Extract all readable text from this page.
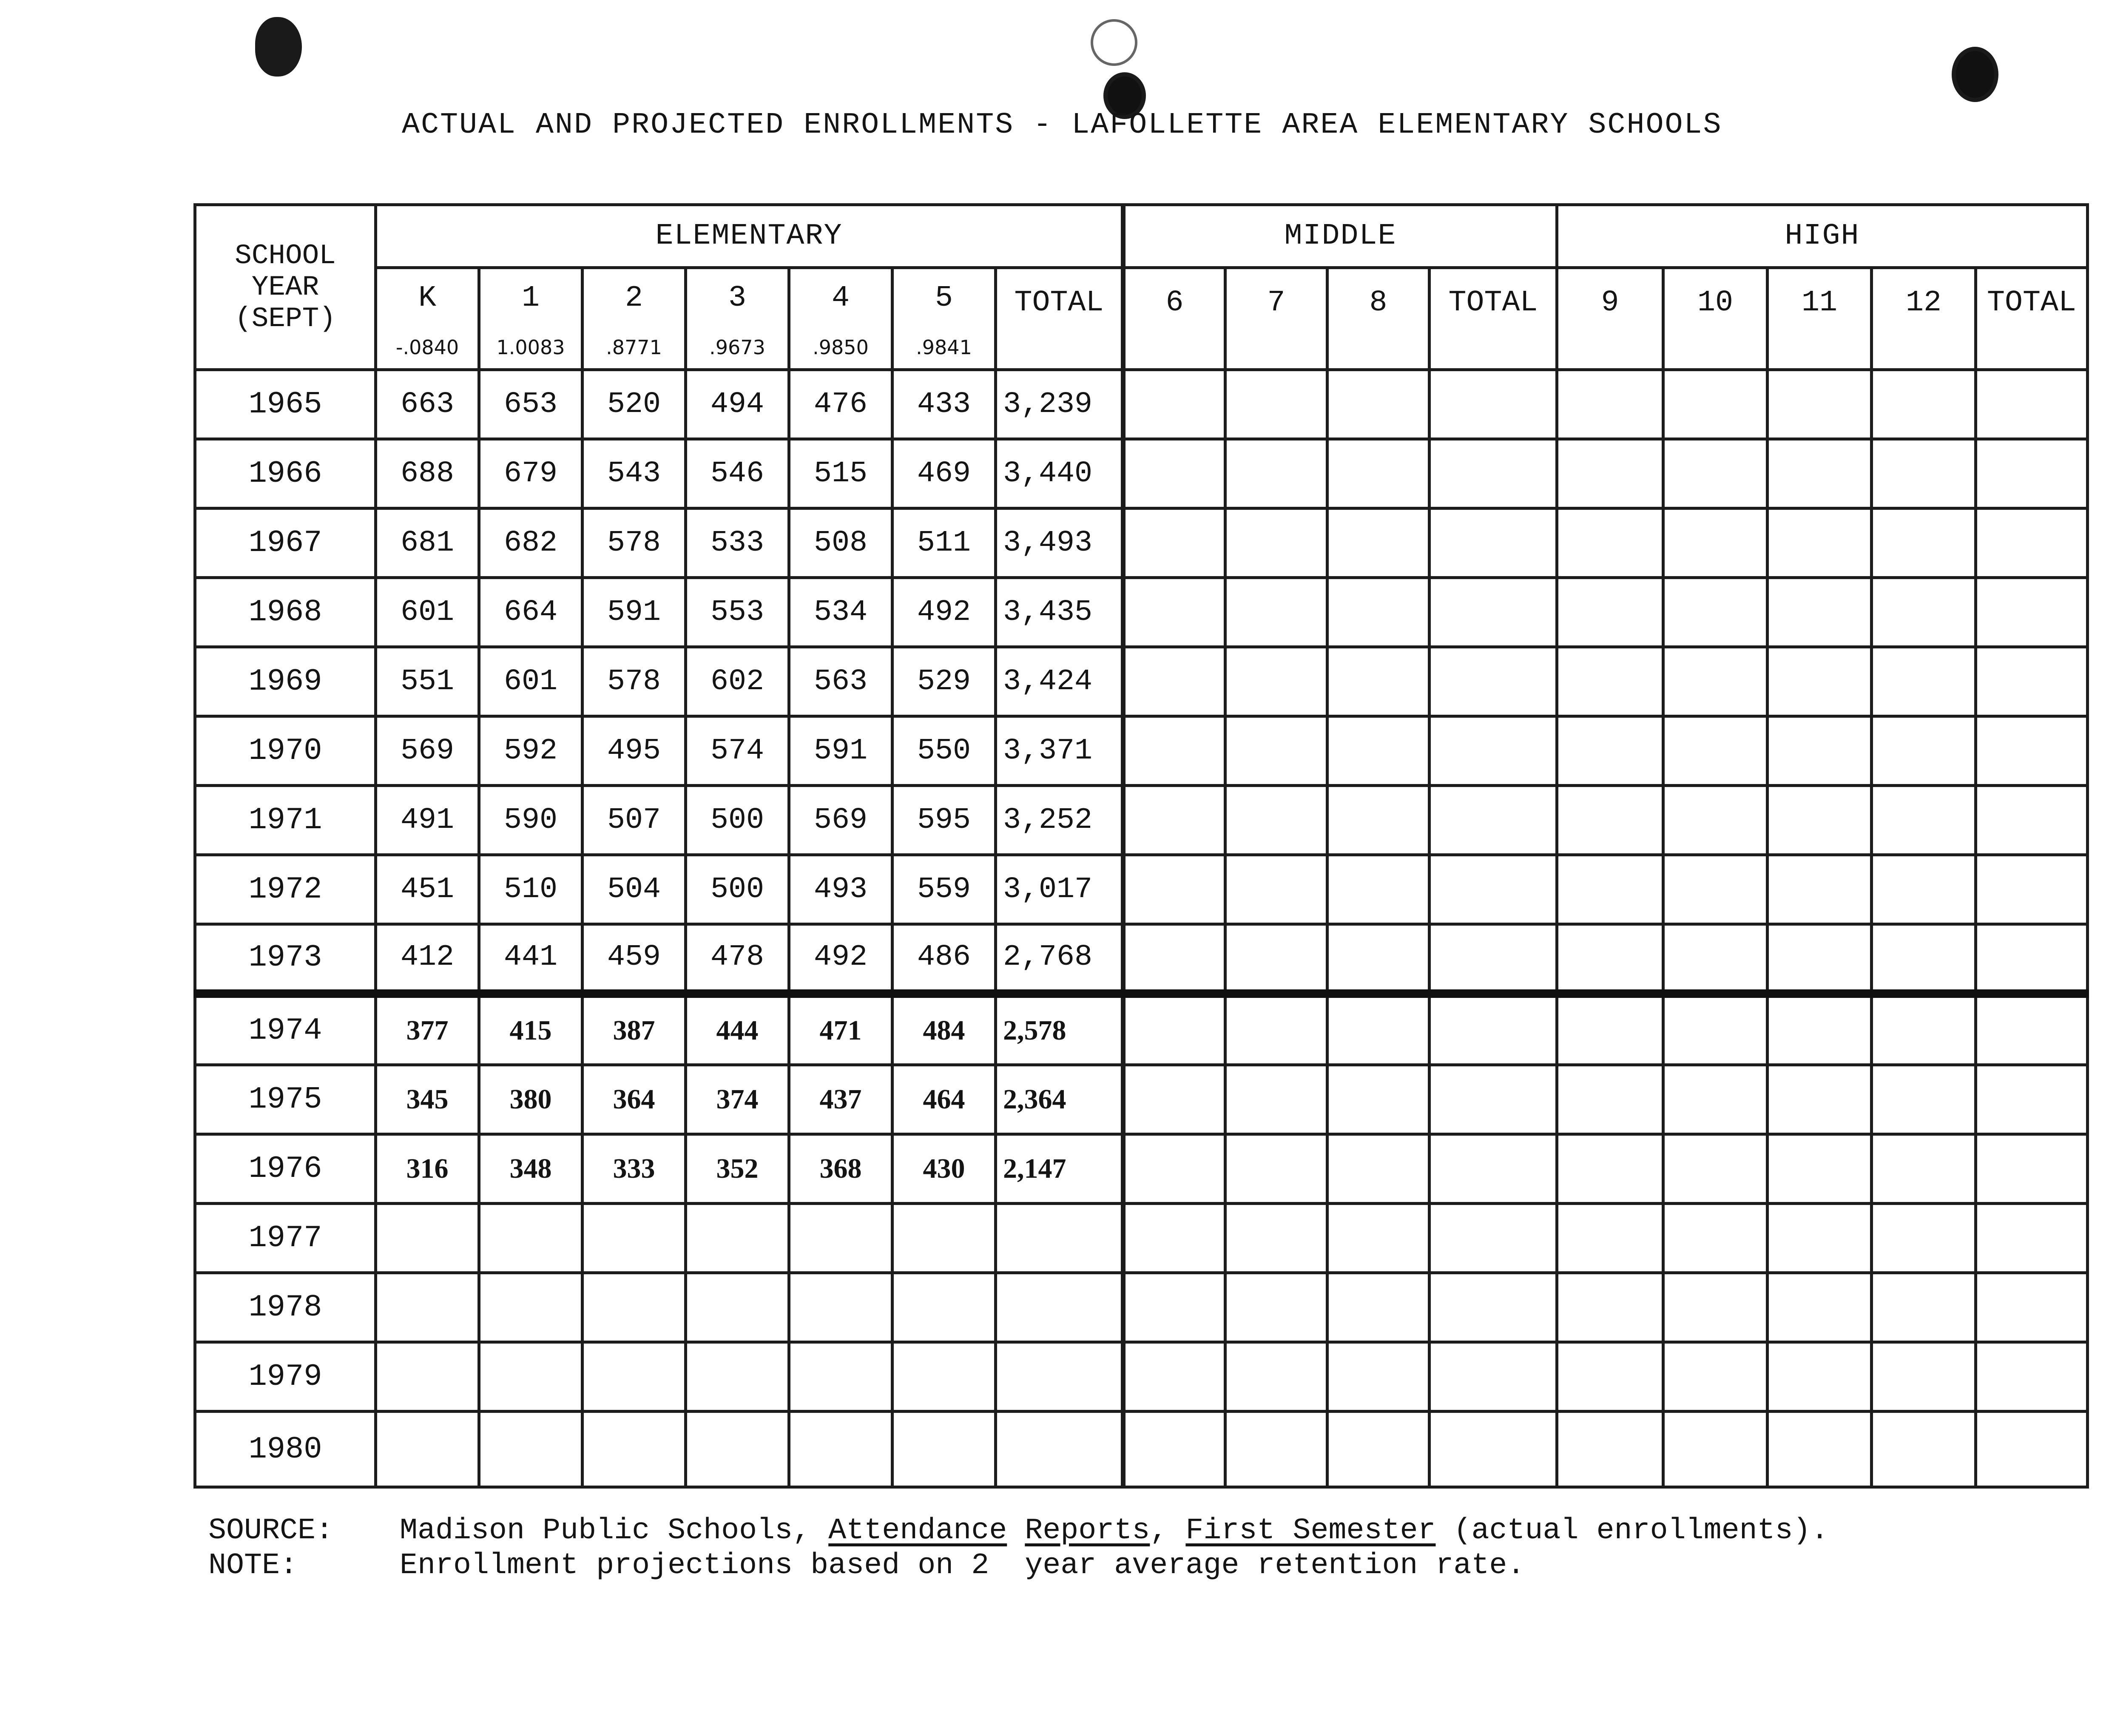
ACTUAL AND PROJECTED ENROLLMENTS - LAFOLLETTE AREA ELEMENTARY SCHOOLS
SCHOOL
YEAR
(SEPT)	ELEMENTARY							MIDDLE				HIGH				
	K	1	2	3	4	5	TOTAL	6	7	8	TOTAL	9	10	11	12	TOTAL
	-.0840	1.0083	.8771	.9673	.9850	.9841										
1965	663	653	520	494	476	433	3,239									
1966	688	679	543	546	515	469	3,440									
1967	681	682	578	533	508	511	3,493									
1968	601	664	591	553	534	492	3,435									
1969	551	601	578	602	563	529	3,424									
1970	569	592	495	574	591	550	3,371									
1971	491	590	507	500	569	595	3,252									
1972	451	510	504	500	493	559	3,017									
1973	412	441	459	478	492	486	2,768									
1974	377	415	387	444	471	484	2,578									
1975	345	380	364	374	437	464	2,364									
1976	316	348	333	352	368	430	2,147									
1977																
1978																
1979																
1980																
SOURCE: Madison Public Schools, Attendance Reports, First Semester (actual enrollments).
NOTE:	Enrollment projections based on 2  year average retention rate.
